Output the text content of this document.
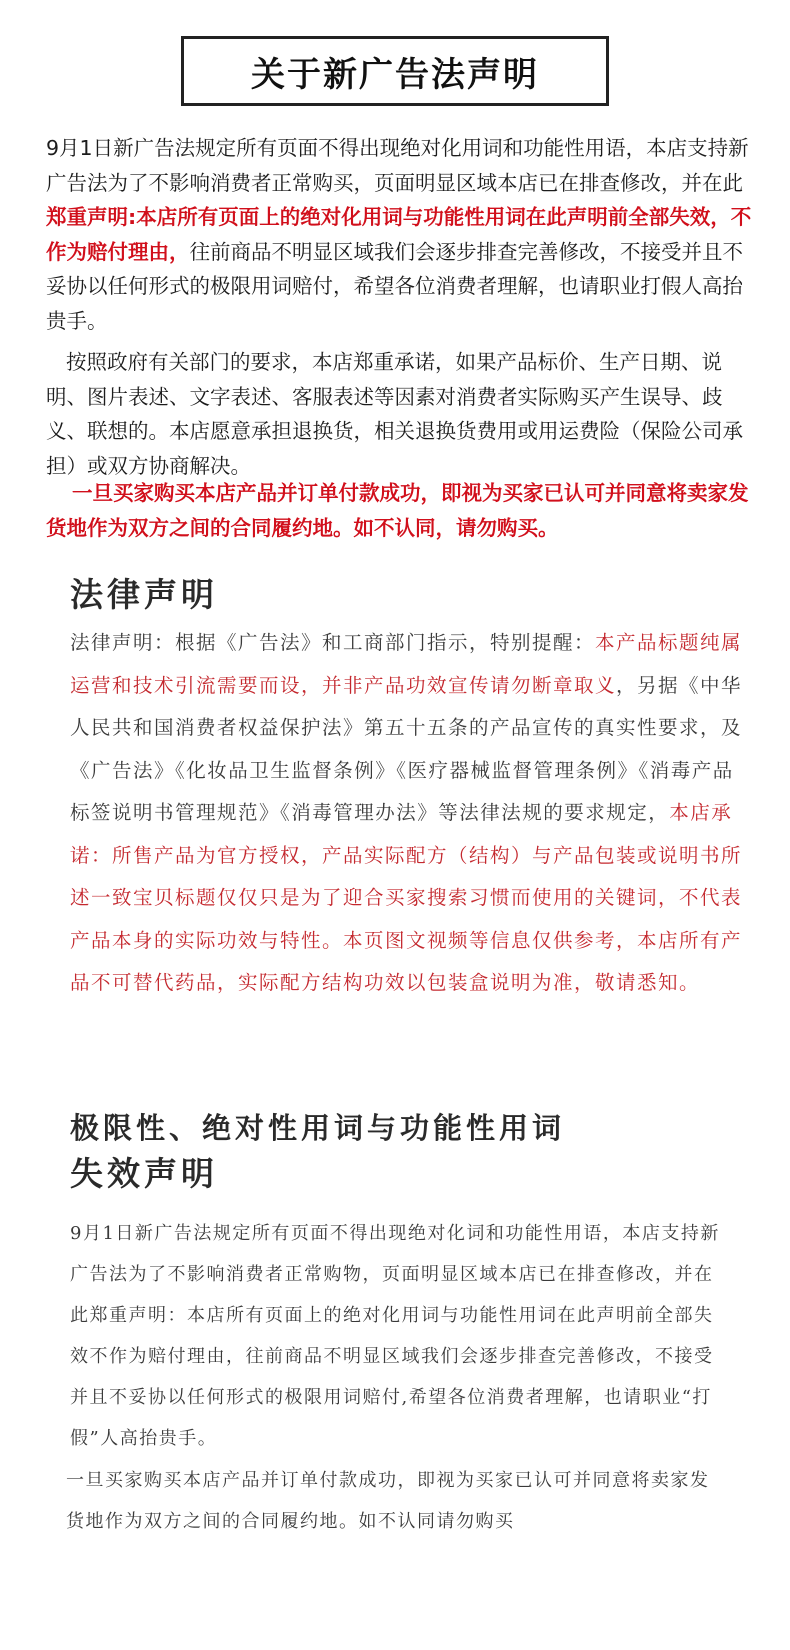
关于新广告法声明

9月1日新广告法规定所有页面不得出现绝对化用词和功能性用语，本店支持新广告法为了不影响消费者正常购买，页面明显区域本店已在排查修改，并在此郑重声明:本店所有页面上的绝对化用词与功能性用词在此声明前全部失效，不作为赔付理由，往前商品不明显区域我们会逐步排查完善修改，不接受并且不妥协以任何形式的极限用词赔付，希望各位消费者理解，也请职业打假人高抬贵手。

按照政府有关部门的要求，本店郑重承诺，如果产品标价、生产日期、说明、图片表述、文字表述、客服表述等因素对消费者实际购买产生误导、歧义、联想的。本店愿意承担退换货，相关退换货费用或用运费险（保险公司承担）或双方协商解决。

一旦买家购买本店产品并订单付款成功，即视为买家已认可并同意将卖家发货地作为双方之间的合同履约地。如不认同，请勿购买。

法律声明

法律声明：根据《广告法》和工商部门指示，特别提醒：本产品标题纯属运营和技术引流需要而设，并非产品功效宣传请勿断章取义，另据《中华人民共和国消费者权益保护法》第五十五条的产品宣传的真实性要求，及《广告法》《化妆品卫生监督条例》《医疗器械监督管理条例》《消毒产品标签说明书管理规范》《消毒管理办法》等法律法规的要求规定，本店承诺：所售产品为官方授权，产品实际配方（结构）与产品包装或说明书所述一致宝贝标题仅仅只是为了迎合买家搜索习惯而使用的关键词，不代表产品本身的实际功效与特性。本页图文视频等信息仅供参考，本店所有产品不可替代药品，实际配方结构功效以包装盒说明为准，敬请悉知。

极限性、绝对性用词与功能性用词
失效声明

9月1日新广告法规定所有页面不得出现绝对化词和功能性用语，本店支持新广告法为了不影响消费者正常购物，页面明显区域本店已在排查修改，并在此郑重声明：本店所有页面上的绝对化用词与功能性用词在此声明前全部失效不作为赔付理由，往前商品不明显区域我们会逐步排查完善修改，不接受并且不妥协以任何形式的极限用词赔付,希望各位消费者理解，也请职业“打假”人高抬贵手。

一旦买家购买本店产品并订单付款成功，即视为买家已认可并同意将卖家发货地作为双方之间的合同履约地。如不认同请勿购买
